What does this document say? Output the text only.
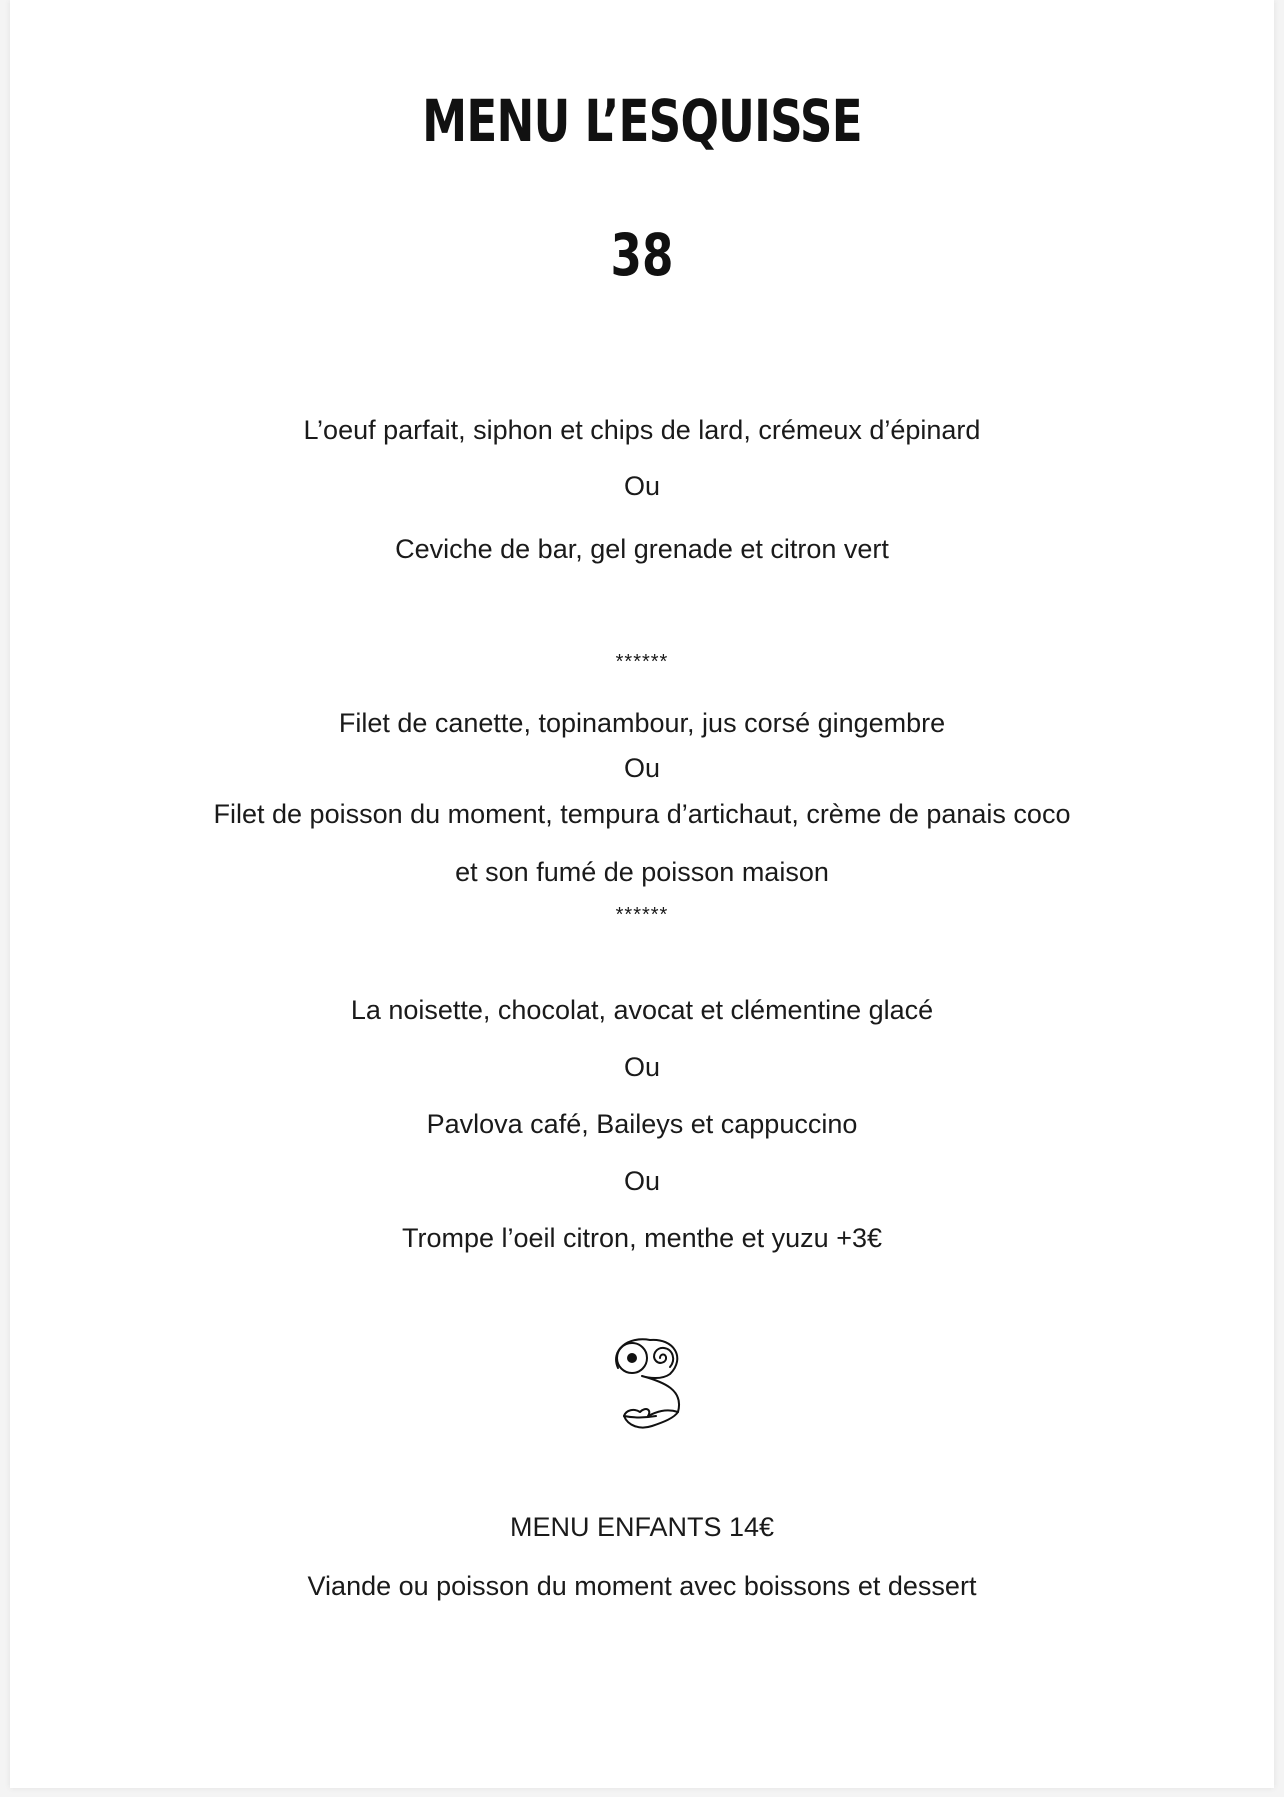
MENU L’ESQUISSE
38
L’oeuf parfait, siphon et chips de lard, crémeux d’épinard
Ou
Ceviche de bar, gel grenade et citron vert
******
Filet de canette, topinambour, jus corsé gingembre
Ou
Filet de poisson du moment, tempura d’artichaut, crème de panais coco
et son fumé de poisson maison
******
La noisette, chocolat, avocat et clémentine glacé
Ou
Pavlova café, Baileys et cappuccino
Ou
Trompe l’oeil citron, menthe et yuzu +3€
MENU ENFANTS 14€
Viande ou poisson du moment avec boissons et dessert
